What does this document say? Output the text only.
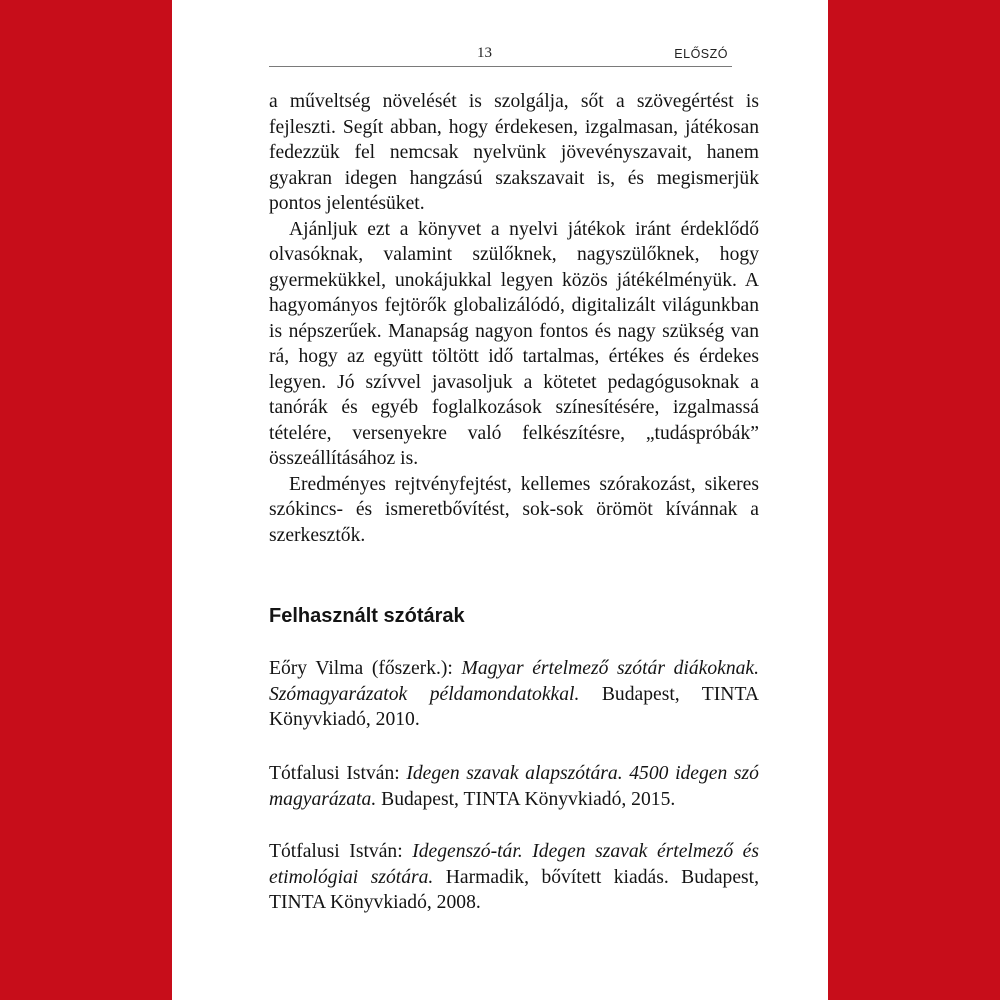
13	ELŐSZÓ

a műveltség növelését is szolgálja, sőt a szövegértést is fejleszti. Segít abban, hogy érdekesen, izgalmasan, játékosan fedezzük fel nemcsak nyelvünk jövevényszavait, hanem gyakran idegen hangzású szakszavait is, és megismerjük pontos jelentésüket.

Ajánljuk ezt a könyvet a nyelvi játékok iránt érdeklődő olvasóknak, valamint szülőknek, nagyszülőknek, hogy gyermekükkel, unokájukkal legyen közös játékélményük. A hagyományos fejtörők globalizálódó, digitalizált világunkban is népszerűek. Manapság nagyon fontos és nagy szükség van rá, hogy az együtt töltött idő tartalmas, értékes és érdekes legyen. Jó szívvel javasoljuk a kötetet pedagógusoknak a tanórák és egyéb foglalkozások színesítésére, izgalmassá tételére, versenyekre való felkészítésre, „tudáspróbák” összeállításához is.

Eredményes rejtvényfejtést, kellemes szórakozást, sikeres szókincs- és ismeretbővítést, sok-sok örömöt kívánnak a szerkesztők.

Felhasznált szótárak

Eőry Vilma (főszerk.): Magyar értelmező szótár diákoknak. Szómagyarázatok példamondatokkal. Budapest, TINTA Könyvkiadó, 2010.

Tótfalusi István: Idegen szavak alapszótára. 4500 idegen szó magyarázata. Budapest, TINTA Könyvkiadó, 2015.

Tótfalusi István: Idegenszó-tár. Idegen szavak értelmező és etimológiai szótára. Harmadik, bővített kiadás. Budapest, TINTA Könyvkiadó, 2008.
